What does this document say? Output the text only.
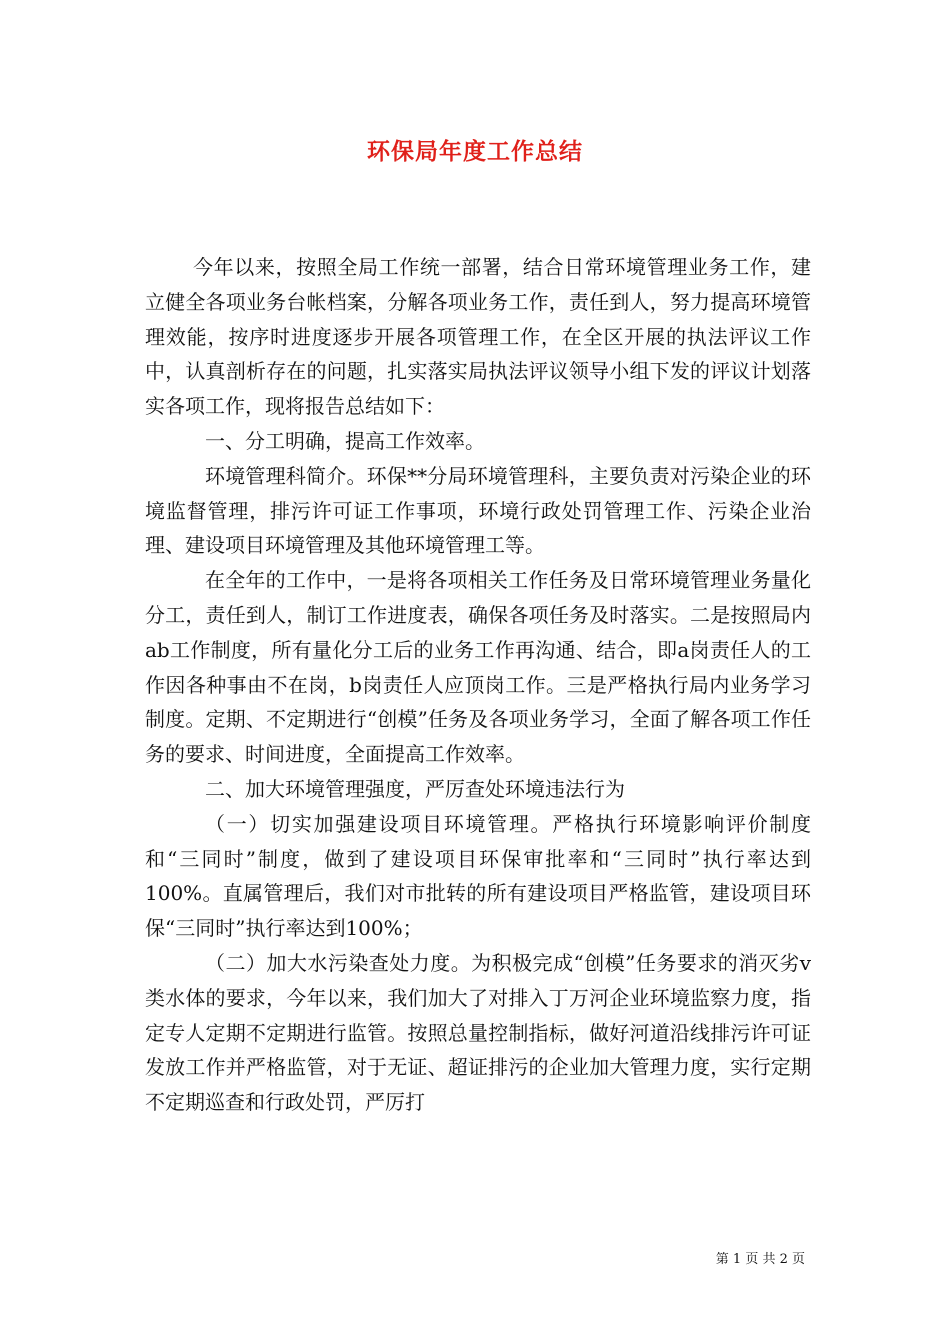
环保局年度工作总结

今年以来，按照全局工作统一部署，结合日常环境管理业务工作，建立健全各项业务台帐档案，分解各项业务工作，责任到人，努力提高环境管理效能，按序时进度逐步开展各项管理工作，在全区开展的执法评议工作中，认真剖析存在的问题，扎实落实局执法评议领导小组下发的评议计划落实各项工作，现将报告总结如下：

一、分工明确，提高工作效率。

环境管理科简介。环保**分局环境管理科，主要负责对污染企业的环境监督管理，排污许可证工作事项，环境行政处罚管理工作、污染企业治理、建设项目环境管理及其他环境管理工等。

在全年的工作中，一是将各项相关工作任务及日常环境管理业务量化分工，责任到人，制订工作进度表，确保各项任务及时落实。二是按照局内ab工作制度，所有量化分工后的业务工作再沟通、结合，即a岗责任人的工作因各种事由不在岗，b岗责任人应顶岗工作。三是严格执行局内业务学习制度。定期、不定期进行“创模”任务及各项业务学习，全面了解各项工作任务的要求、时间进度，全面提高工作效率。

二、加大环境管理强度，严厉查处环境违法行为

（一）切实加强建设项目环境管理。严格执行环境影响评价制度和“三同时”制度，做到了建设项目环保审批率和“三同时”执行率达到100%。直属管理后，我们对市批转的所有建设项目严格监管，建设项目环保“三同时”执行率达到100%；

（二）加大水污染查处力度。为积极完成“创模”任务要求的消灭劣v类水体的要求，今年以来，我们加大了对排入丁万河企业环境监察力度，指定专人定期不定期进行监管。按照总量控制指标，做好河道沿线排污许可证发放工作并严格监管，对于无证、超证排污的企业加大管理力度，实行定期不定期巡查和行政处罚，严厉打

第 1 页 共 2 页
